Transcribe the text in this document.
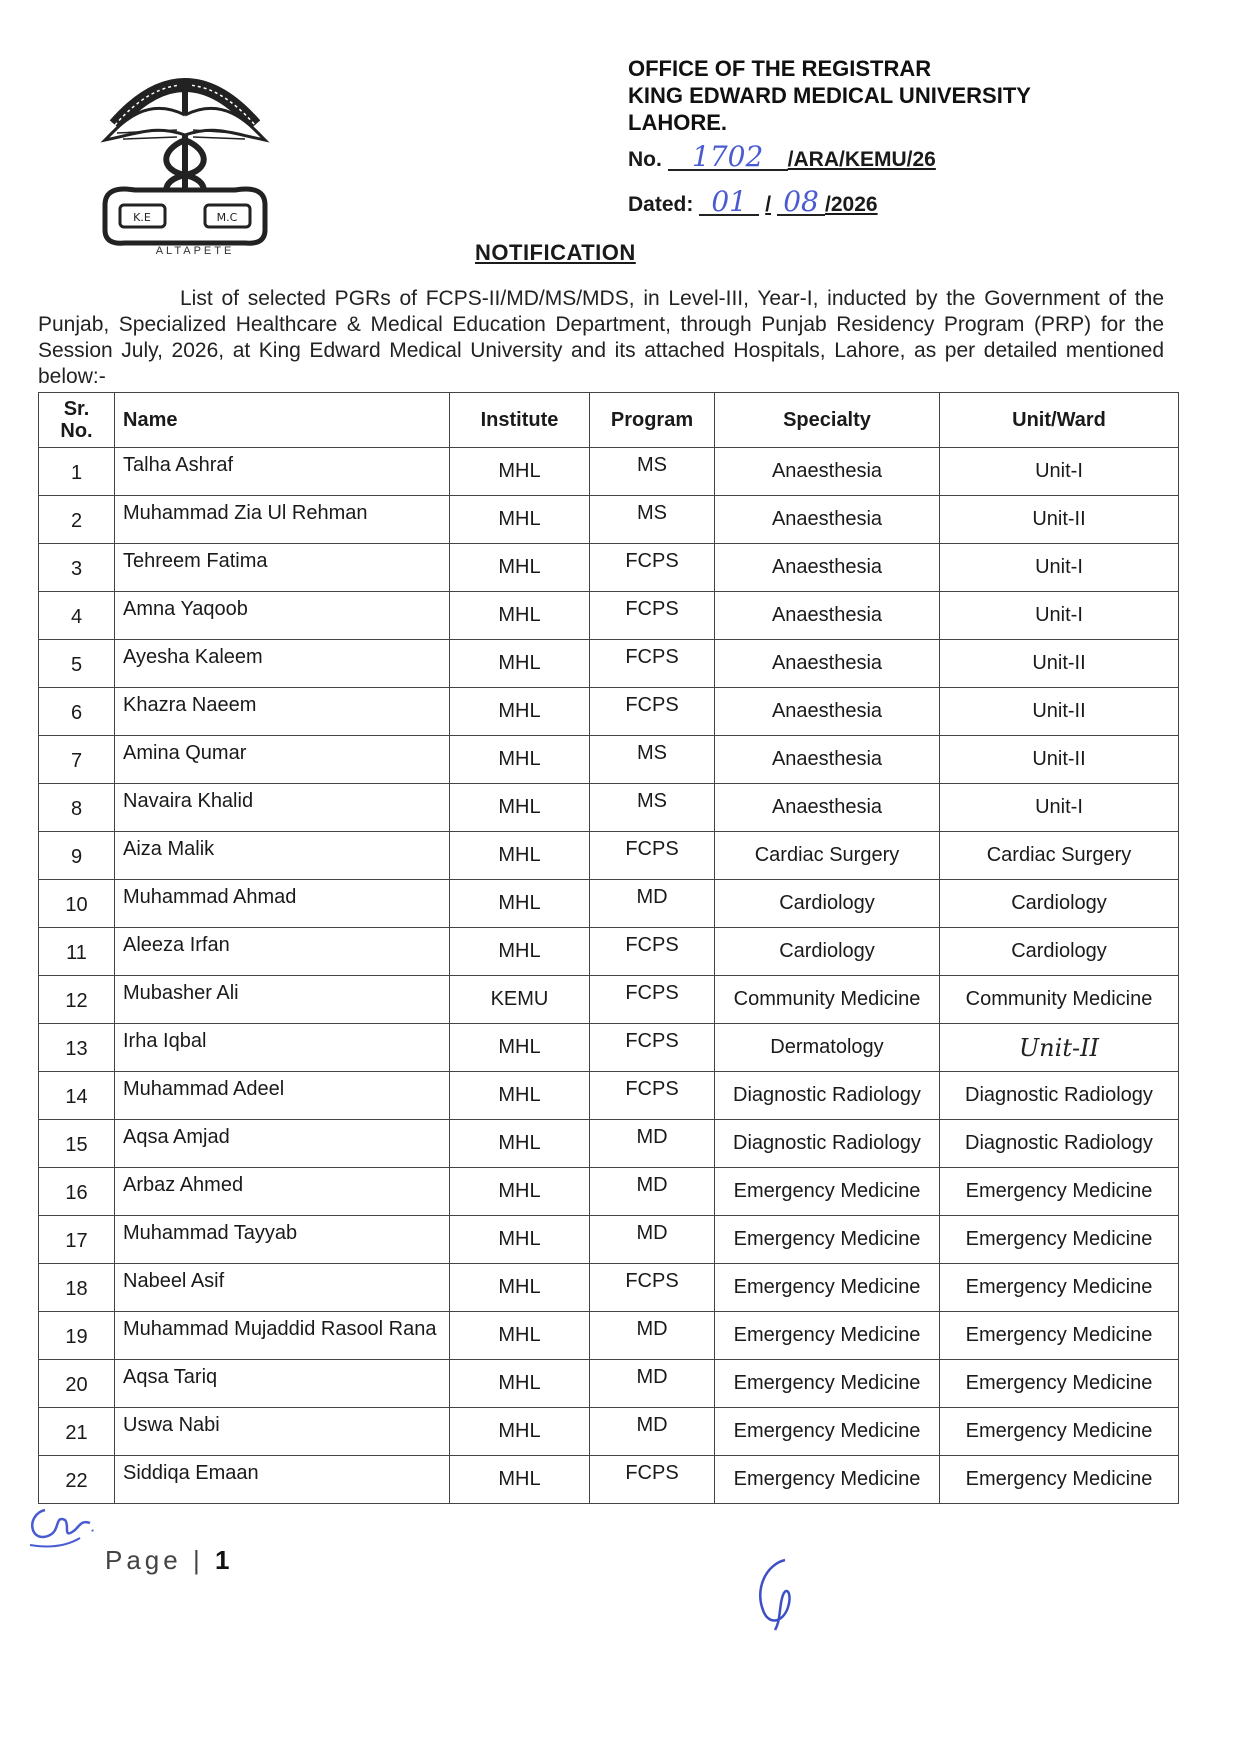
K.E	M.C
ALTAPETE
OFFICE OF THE REGISTRAR
KING EDWARD MEDICAL UNIVERSITY
LAHORE.
No. 1702 /ARA/KEMU/26
Dated: 01 / 08 /2026
NOTIFICATION
List of selected PGRs of FCPS-II/MD/MS/MDS, in Level-III, Year-I, inducted by the Government of the Punjab, Specialized Healthcare & Medical Education Department, through Punjab Residency Program (PRP) for the Session July, 2026, at King Edward Medical University and its attached Hospitals, Lahore, as per detailed mentioned below:-
Sr. No.	Name	Institute	Program	Specialty	Unit/Ward
1	Talha Ashraf	MHL	MS	Anaesthesia	Unit-I
2	Muhammad Zia Ul Rehman	MHL	MS	Anaesthesia	Unit-II
3	Tehreem Fatima	MHL	FCPS	Anaesthesia	Unit-I
4	Amna Yaqoob	MHL	FCPS	Anaesthesia	Unit-I
5	Ayesha Kaleem	MHL	FCPS	Anaesthesia	Unit-II
6	Khazra Naeem	MHL	FCPS	Anaesthesia	Unit-II
7	Amina Qumar	MHL	MS	Anaesthesia	Unit-II
8	Navaira Khalid	MHL	MS	Anaesthesia	Unit-I
9	Aiza Malik	MHL	FCPS	Cardiac Surgery	Cardiac Surgery
10	Muhammad Ahmad	MHL	MD	Cardiology	Cardiology
11	Aleeza Irfan	MHL	FCPS	Cardiology	Cardiology
12	Mubasher Ali	KEMU	FCPS	Community Medicine	Community Medicine
13	Irha Iqbal	MHL	FCPS	Dermatology	Unit-II
14	Muhammad Adeel	MHL	FCPS	Diagnostic Radiology	Diagnostic Radiology
15	Aqsa Amjad	MHL	MD	Diagnostic Radiology	Diagnostic Radiology
16	Arbaz Ahmed	MHL	MD	Emergency Medicine	Emergency Medicine
17	Muhammad Tayyab	MHL	MD	Emergency Medicine	Emergency Medicine
18	Nabeel Asif	MHL	FCPS	Emergency Medicine	Emergency Medicine
19	Muhammad Mujaddid Rasool Rana	MHL	MD	Emergency Medicine	Emergency Medicine
20	Aqsa Tariq	MHL	MD	Emergency Medicine	Emergency Medicine
21	Uswa Nabi	MHL	MD	Emergency Medicine	Emergency Medicine
22	Siddiqa Emaan	MHL	FCPS	Emergency Medicine	Emergency Medicine
Page | 1
